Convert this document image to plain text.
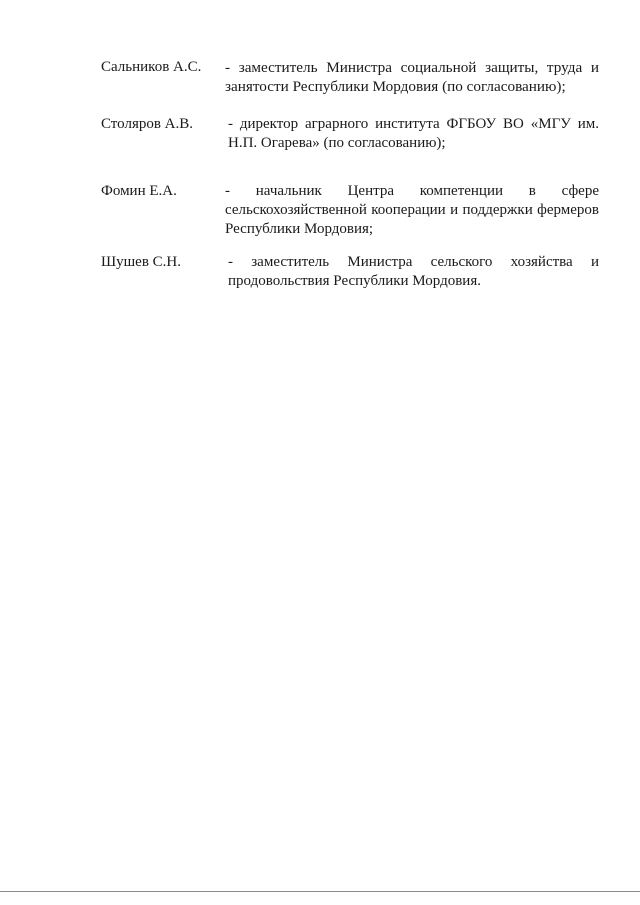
Сальников А.С. - заместитель Министра социальной защиты, труда и занятости Республики Мордовия (по согласованию);
Столяров А.В. - директор аграрного института ФГБОУ ВО «МГУ им. Н.П. Огарева» (по согласованию);
Фомин Е.А.	- начальник Центра компетенции в сфере сельскохозяйственной кооперации и поддержки фермеров Республики Мордовия;
Шушев С.Н.	- заместитель Министра сельского хозяйства и продовольствия Республики Мордовия.
